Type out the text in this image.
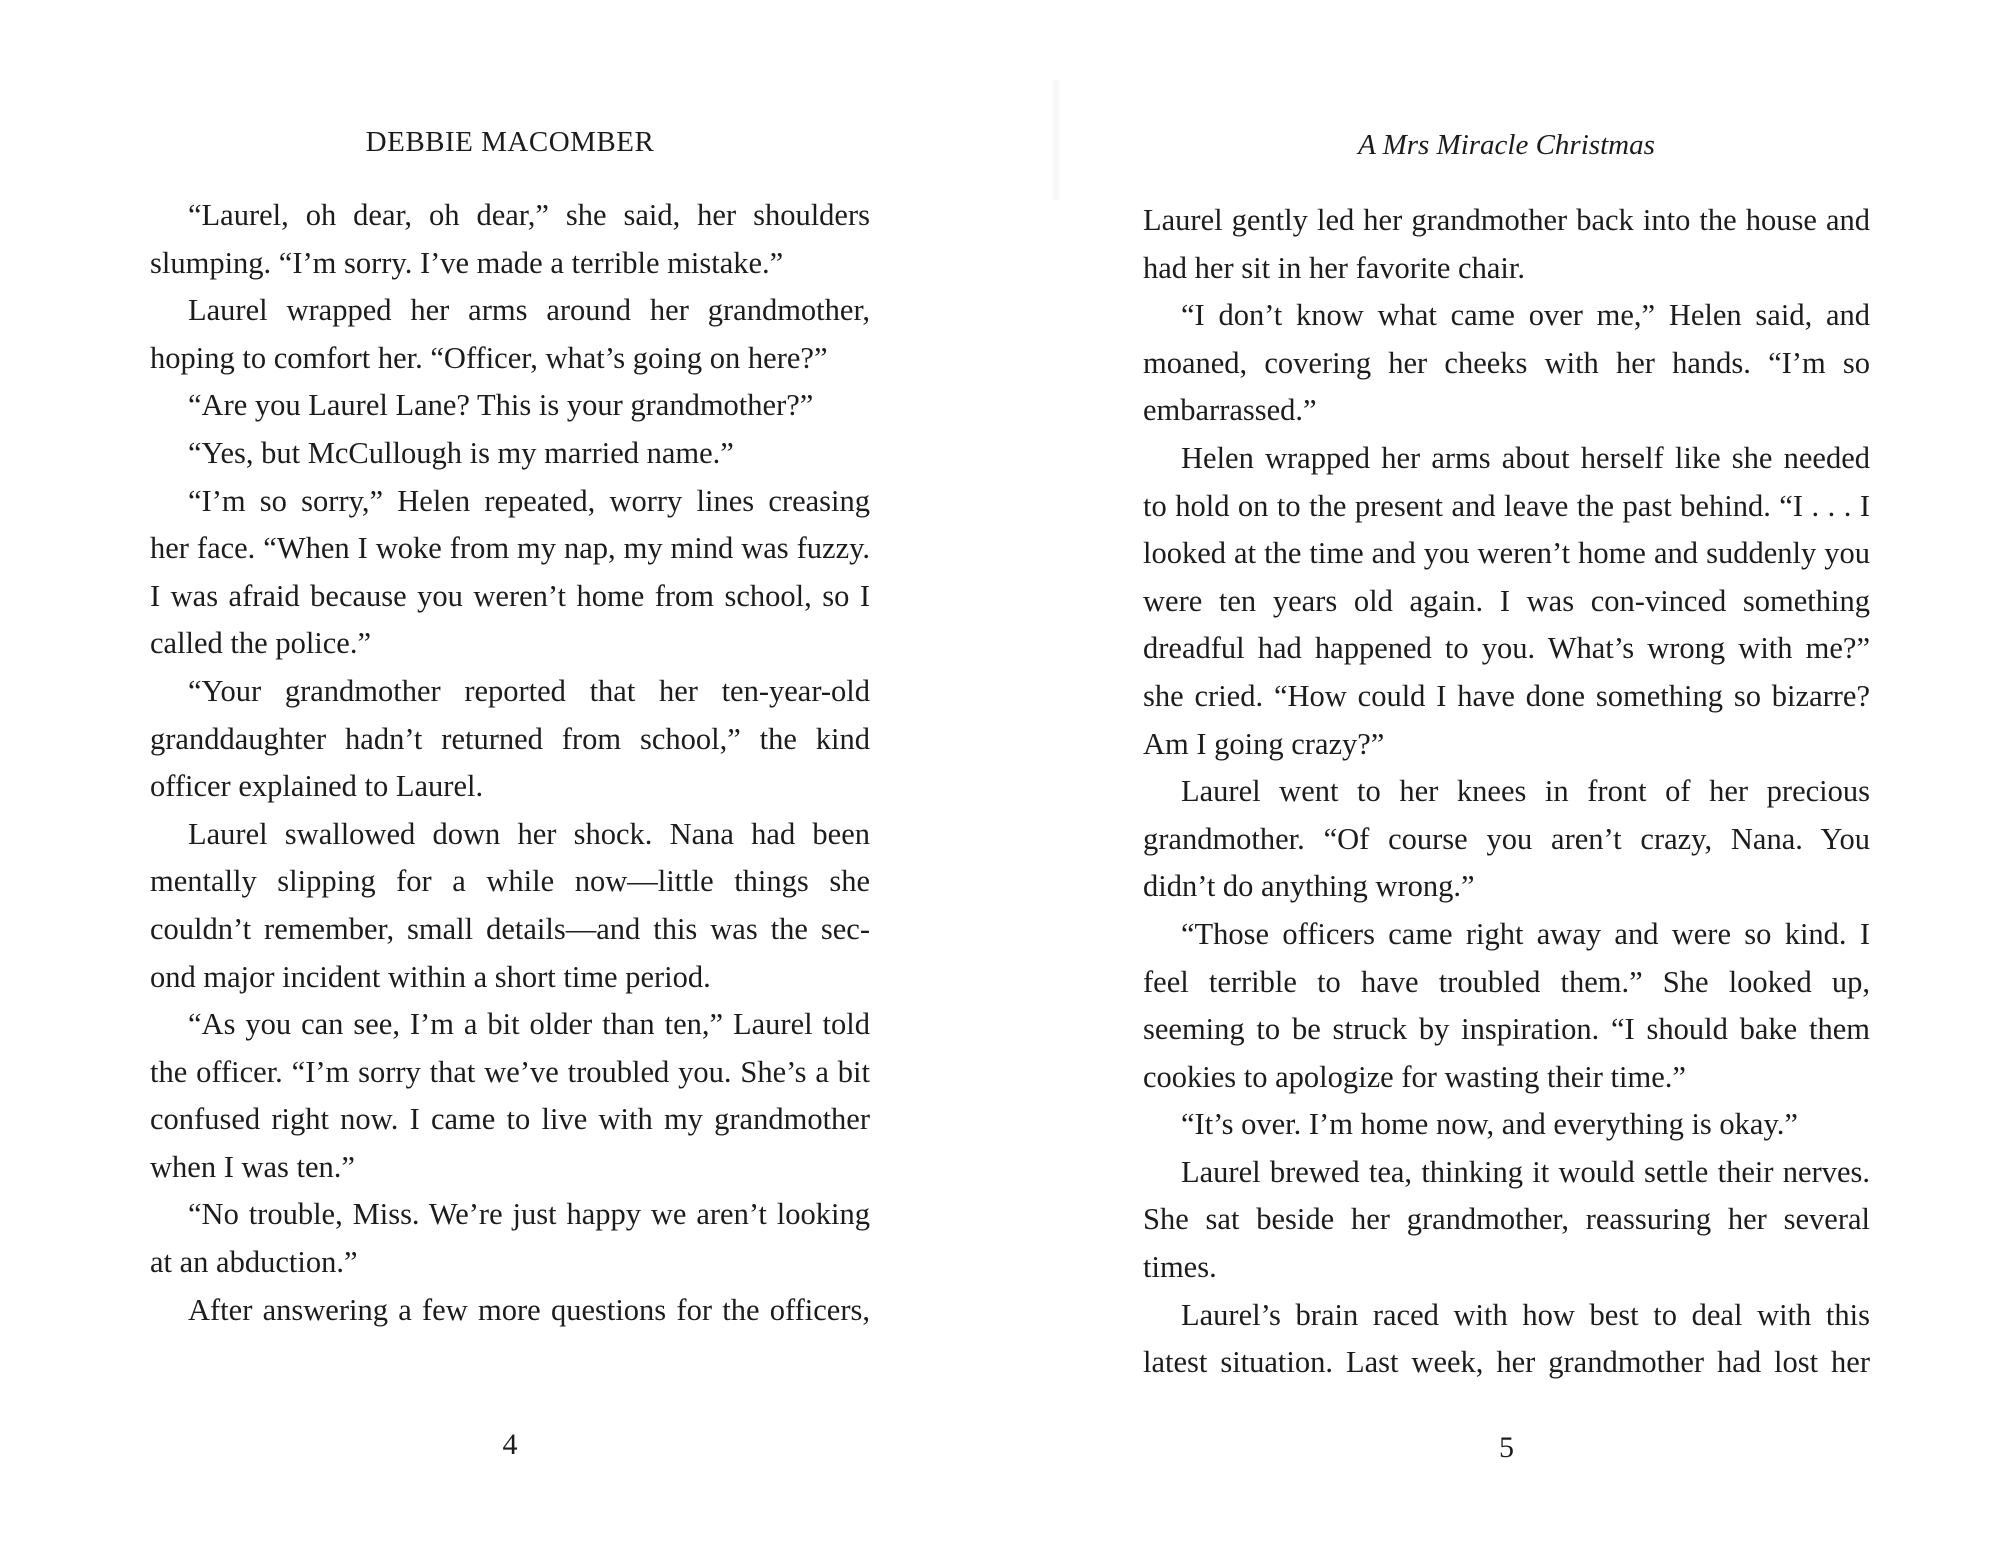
DEBBIE MACOMBER

“Laurel, oh dear, oh dear,” she said, her shoulders slumping. “I’m sorry. I’ve made a terrible mistake.”

Laurel wrapped her arms around her grandmother, hoping to comfort her. “Officer, what’s going on here?”

“Are you Laurel Lane? This is your grandmother?”

“Yes, but McCullough is my married name.”

“I’m so sorry,” Helen repeated, worry lines creasing her face. “When I woke from my nap, my mind was fuzzy. I was afraid because you weren’t home from school, so I called the police.”

“Your grandmother reported that her ten-year-old granddaughter hadn’t returned from school,” the kind officer explained to Laurel.

Laurel swallowed down her shock. Nana had been mentally slipping for a while now—little things she couldn’t remember, small details—and this was the sec-ond major incident within a short time period.

“As you can see, I’m a bit older than ten,” Laurel told the officer. “I’m sorry that we’ve troubled you. She’s a bit confused right now. I came to live with my grandmother when I was ten.”

“No trouble, Miss. We’re just happy we aren’t looking at an abduction.”

After answering a few more questions for the officers,

4
A Mrs Miracle Christmas

Laurel gently led her grandmother back into the house and had her sit in her favorite chair.

“I don’t know what came over me,” Helen said, and moaned, covering her cheeks with her hands. “I’m so embarrassed.”

Helen wrapped her arms about herself like she needed to hold on to the present and leave the past behind. “I . . . I looked at the time and you weren’t home and suddenly you were ten years old again. I was con-vinced something dreadful had happened to you. What’s wrong with me?” she cried. “How could I have done something so bizarre? Am I going crazy?”

Laurel went to her knees in front of her precious grandmother. “Of course you aren’t crazy, Nana. You didn’t do anything wrong.”

“Those officers came right away and were so kind. I feel terrible to have troubled them.” She looked up, seeming to be struck by inspiration. “I should bake them cookies to apologize for wasting their time.”

“It’s over. I’m home now, and everything is okay.”

Laurel brewed tea, thinking it would settle their nerves. She sat beside her grandmother, reassuring her several times.

Laurel’s brain raced with how best to deal with this latest situation. Last week, her grandmother had lost her

5
